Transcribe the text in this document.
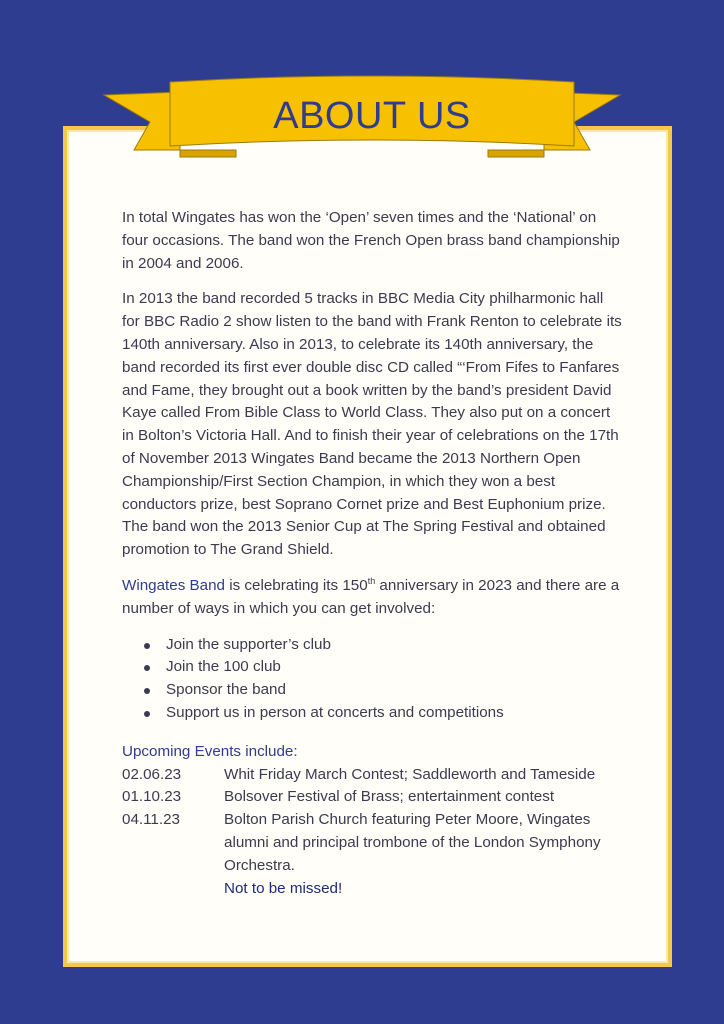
ABOUT US

In total Wingates has won the ‘Open’ seven times and the ‘National’ on four occasions. The band won the French Open brass band championship in 2004 and 2006.

In 2013 the band recorded 5 tracks in BBC Media City philharmonic hall for BBC Radio 2 show listen to the band with Frank Renton to celebrate its 140th anniversary. Also in 2013, to celebrate its 140th anniversary, the band recorded its first ever double disc CD called “‘From Fifes to Fanfares and Fame, they brought out a book written by the band’s president David Kaye called From Bible Class to World Class. They also put on a concert in Bolton’s Victoria Hall. And to finish their year of celebrations on the 17th of November 2013 Wingates Band became the 2013 Northern Open Championship/First Section Champion, in which they won a best conductors prize, best Soprano Cornet prize and Best Euphonium prize. The band won the 2013 Senior Cup at The Spring Festival and obtained promotion to The Grand Shield.

Wingates Band is celebrating its 150th anniversary in 2023 and there are a number of ways in which you can get involved:

Join the supporter’s club
Join the 100 club
Sponsor the band
Support us in person at concerts and competitions
Upcoming Events include:
02.06.23	Whit Friday March Contest; Saddleworth and Tameside
01.10.23	Bolsover Festival of Brass; entertainment contest
04.11.23	Bolton Parish Church featuring Peter Moore, Wingates alumni and principal trombone of the London Symphony Orchestra.
Not to be missed!
